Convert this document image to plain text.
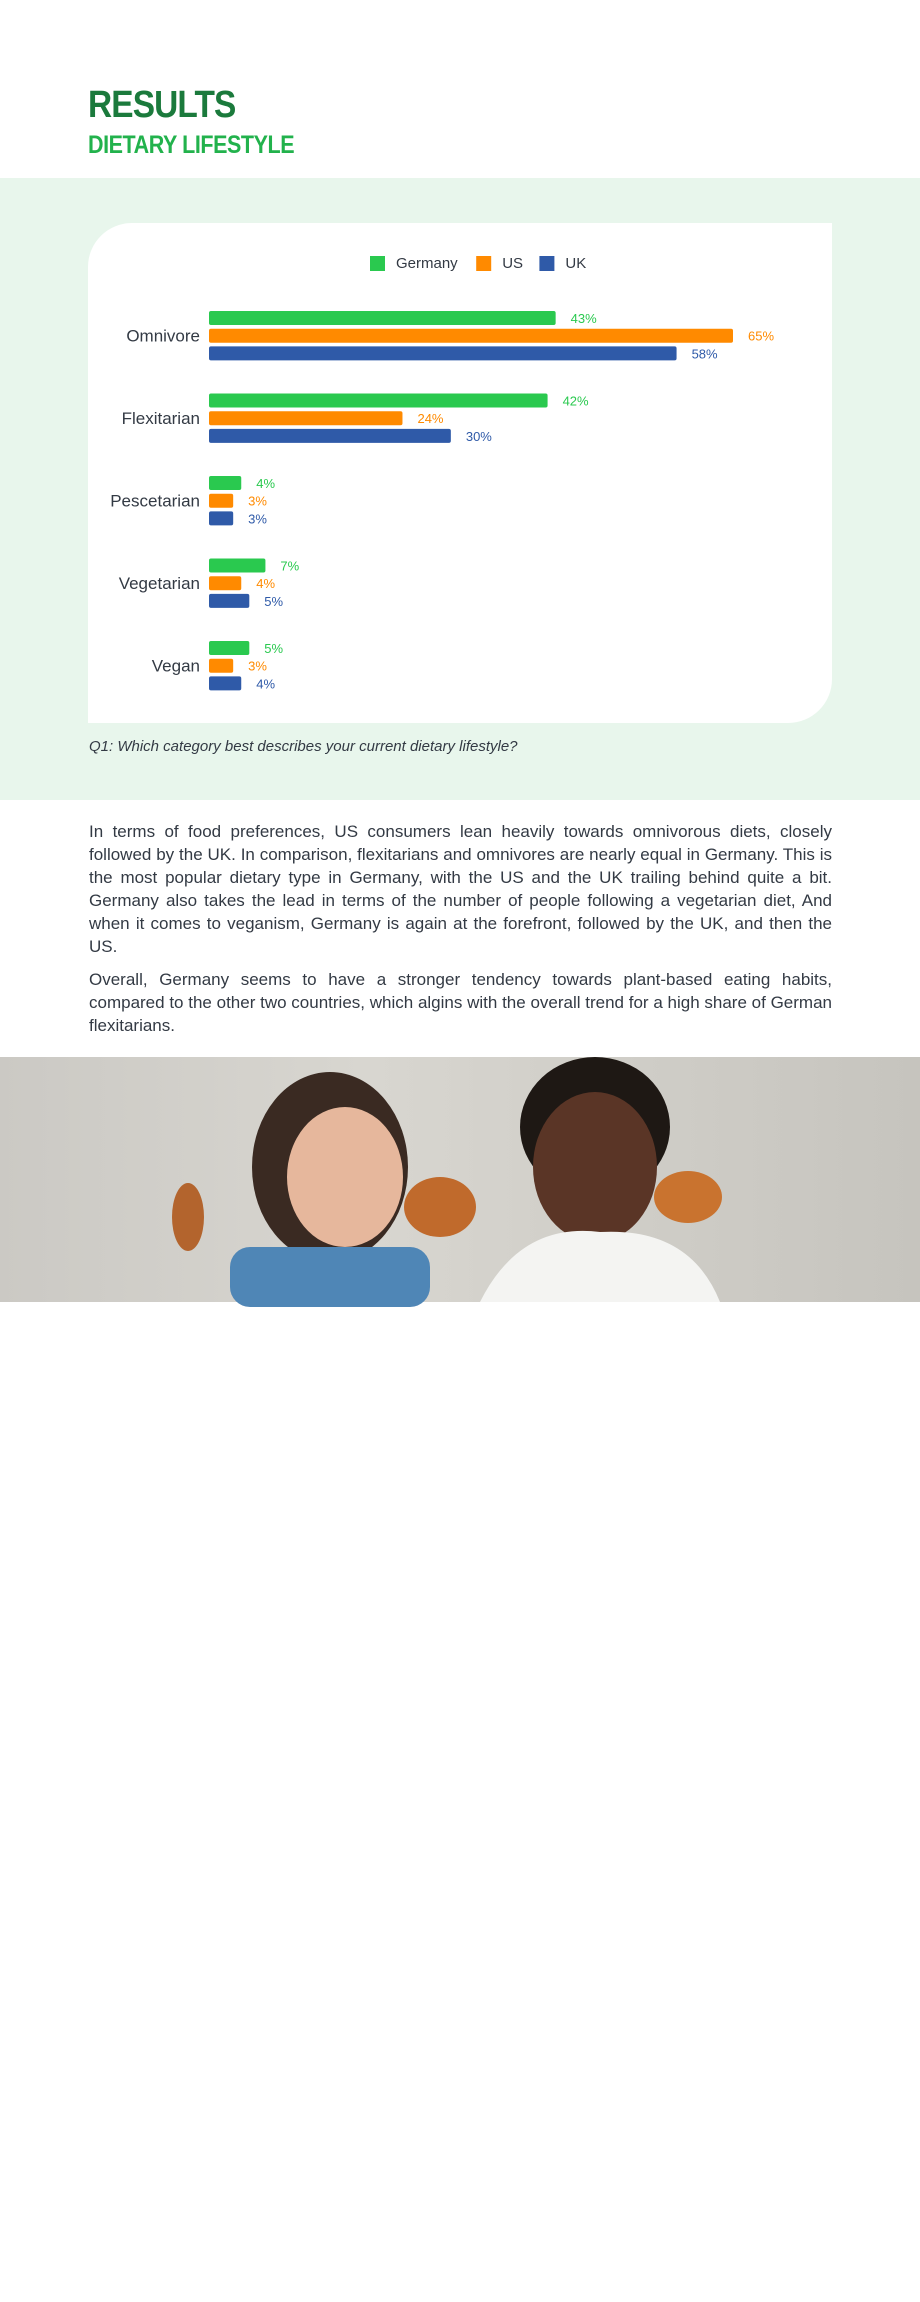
RESULTS
DIETARY LIFESTYLE
Germany	US	UK
Omnivore
43%
65%
58%
Flexitarian
42%
24%
30%
Pescetarian
4%
3%
3%
Vegetarian
7%
4%
5%
Vegan
5%
3%
4%
Q1: Which category best describes your current dietary lifestyle?

In terms of food preferences, US consumers lean heavily towards omnivorous diets, closely followed by the UK. In comparison, flexitarians and omnivores are nearly equal in Germany. This is the most popular dietary type in Germany, with the US and the UK trailing behind quite a bit. Germany also takes the lead in terms of the number of people following a vegetarian diet, And when it comes to veganism, Germany is again at the forefront, followed by the UK, and then the US.

Overall, Germany seems to have a stronger tendency towards plant-based eating habits, compared to the other two countries, which algins with the overall trend for a high share of German flexitarians.

3
